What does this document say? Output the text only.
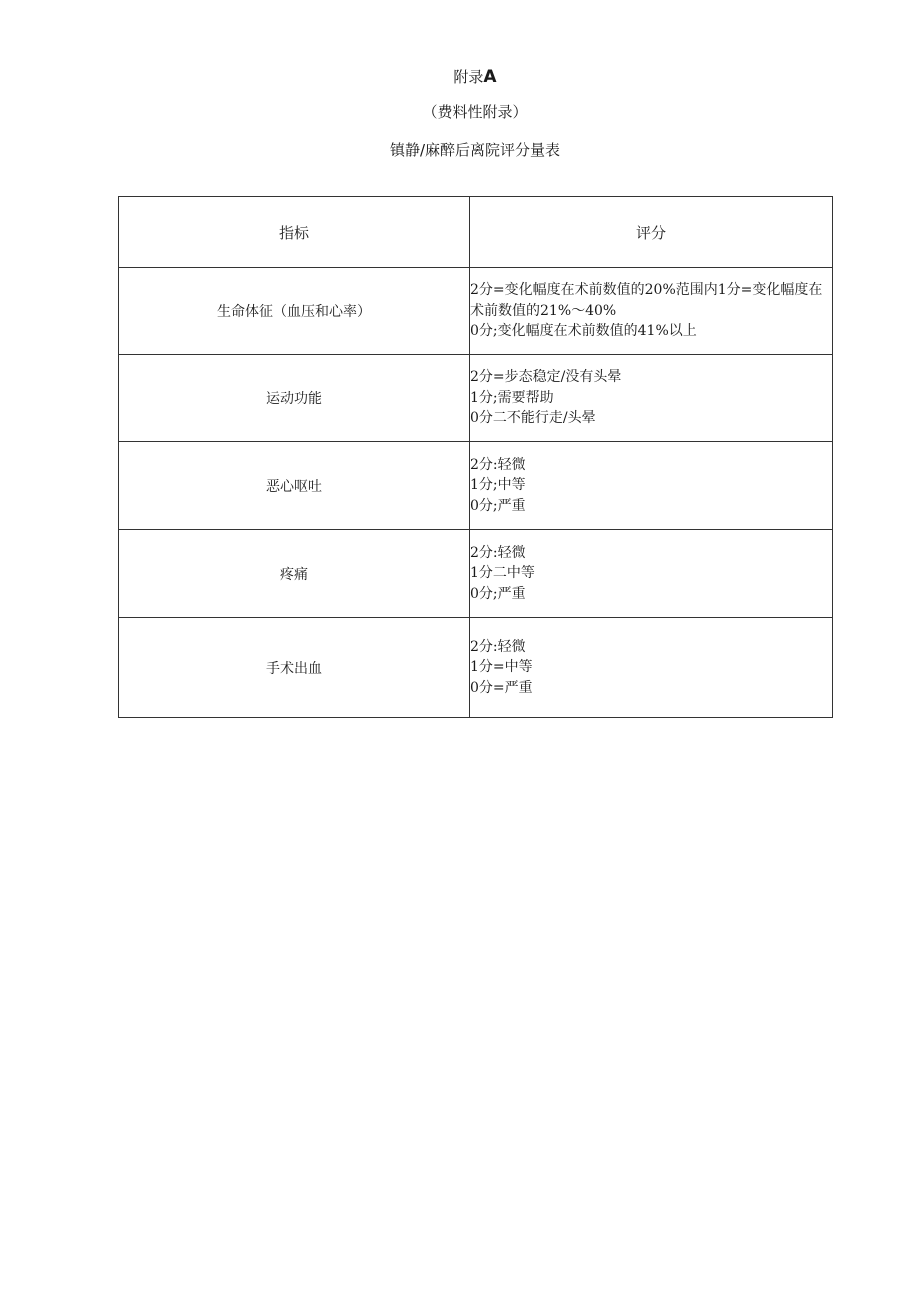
附录A
（费料性附录）
镇静/麻醉后离院评分量表
指标	评分
生命体征（血压和心率）	2分=变化幅度在术前数值的20%范围内1分=变化幅度在术前数值的21%～40%
0分;变化幅度在术前数值的41%以上

运动功能	2分=步态稳定/没有头晕
1分;需要帮助
0分二不能行走/头晕

恶心呕吐	2分:轻微
1分;中等
0分;严重

疼痛	2分:轻微
1分二中等
0分;严重

手术出血	2分:轻微
1分=中等
0分=严重
